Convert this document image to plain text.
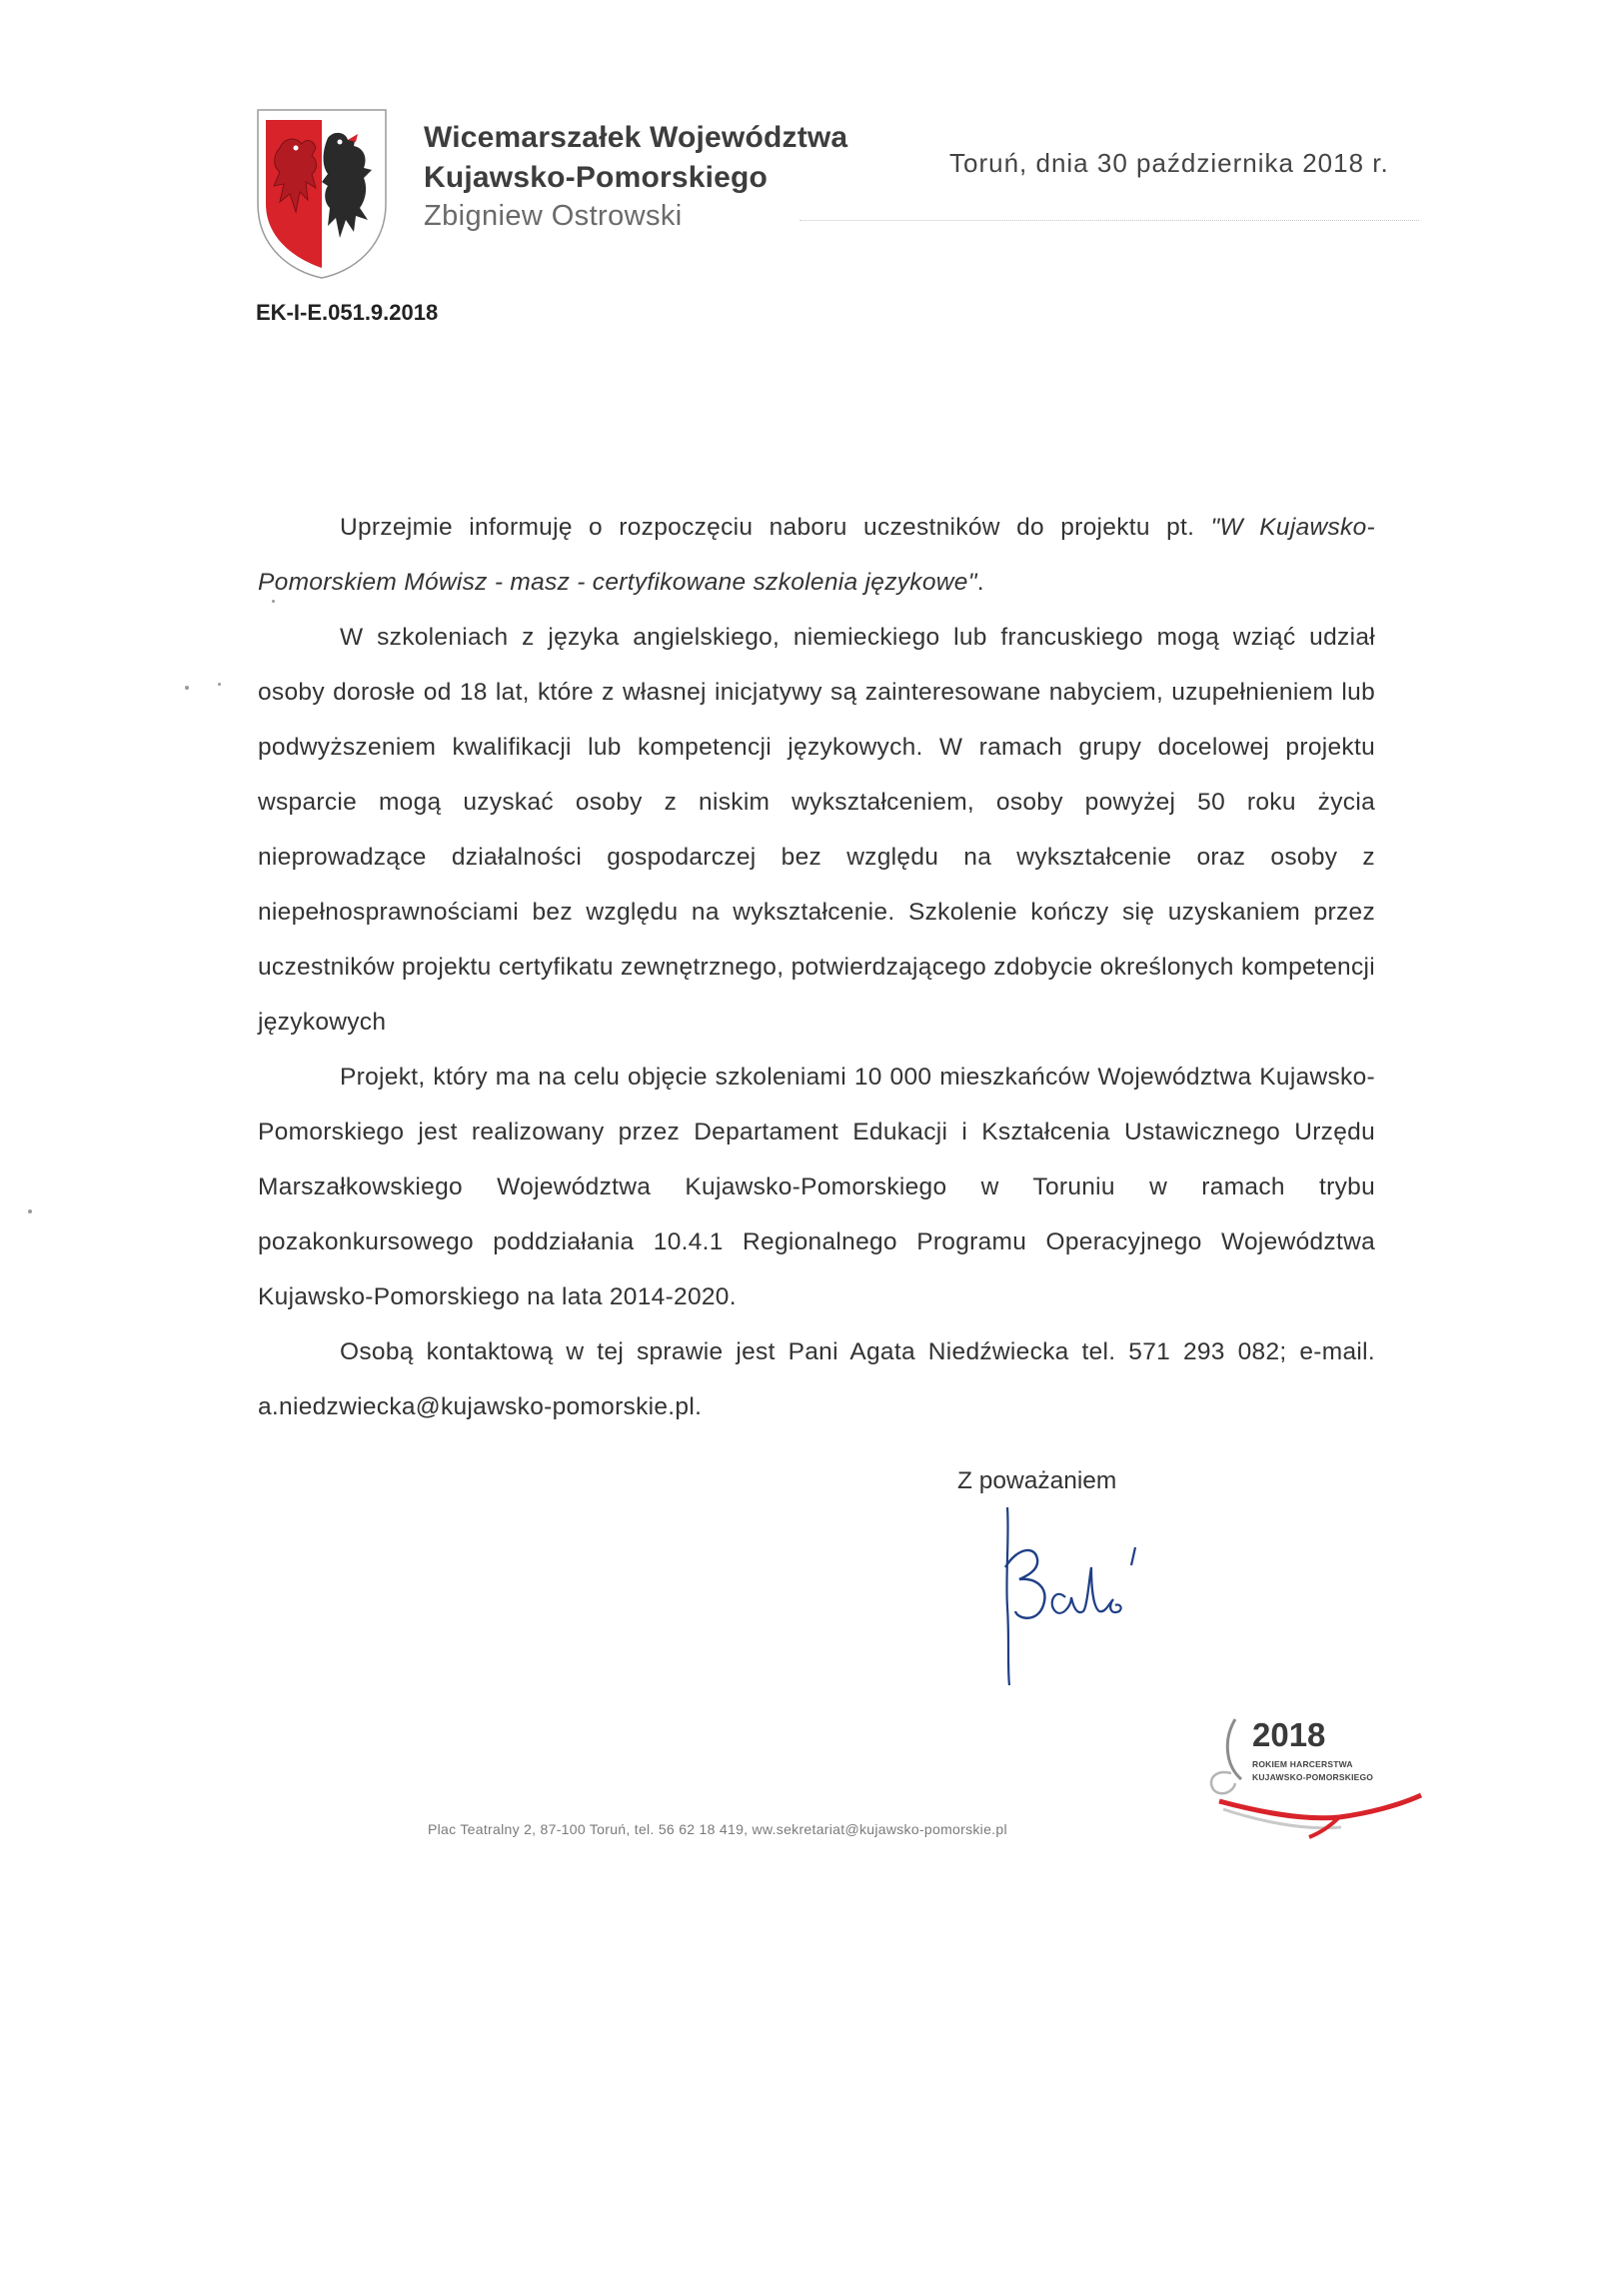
Wicemarszałek Województwa
Kujawsko-Pomorskiego
Zbigniew Ostrowski
Toruń, dnia 30 października 2018 r.
EK-I-E.051.9.2018

Uprzejmie informuję o rozpoczęciu naboru uczestników do projektu pt. "W Kujawsko-Pomorskiem Mówisz - masz - certyfikowane szkolenia językowe".

W szkoleniach z języka angielskiego, niemieckiego lub francuskiego mogą wziąć udział osoby dorosłe od 18 lat, które z własnej inicjatywy są zainteresowane nabyciem, uzupełnieniem lub podwyższeniem kwalifikacji lub kompetencji językowych. W ramach grupy docelowej projektu wsparcie mogą uzyskać osoby z niskim wykształceniem, osoby powyżej 50 roku życia nieprowadzące działalności gospodarczej bez względu na wykształcenie oraz osoby z niepełnosprawnościami bez względu na wykształcenie. Szkolenie kończy się uzyskaniem przez uczestników projektu certyfikatu zewnętrznego, potwierdzającego zdobycie określonych kompetencji językowych

Projekt, który ma na celu objęcie szkoleniami 10 000 mieszkańców Województwa Kujawsko-Pomorskiego jest realizowany przez Departament Edukacji i Kształcenia Ustawicznego Urzędu Marszałkowskiego Województwa Kujawsko-Pomorskiego w Toruniu w ramach trybu pozakonkursowego poddziałania 10.4.1 Regionalnego Programu Operacyjnego Województwa Kujawsko-Pomorskiego na lata 2014-2020.

Osobą kontaktową w tej sprawie jest Pani Agata Niedźwiecka tel. 571 293 082; e-mail. a.niedzwiecka@kujawsko-pomorskie.pl.

Z poważaniem
2018
ROKIEM HARCERSTWA
KUJAWSKO-POMORSKIEGO
Plac Teatralny 2, 87-100 Toruń, tel. 56 62 18 419, ww.sekretariat@kujawsko-pomorskie.pl
